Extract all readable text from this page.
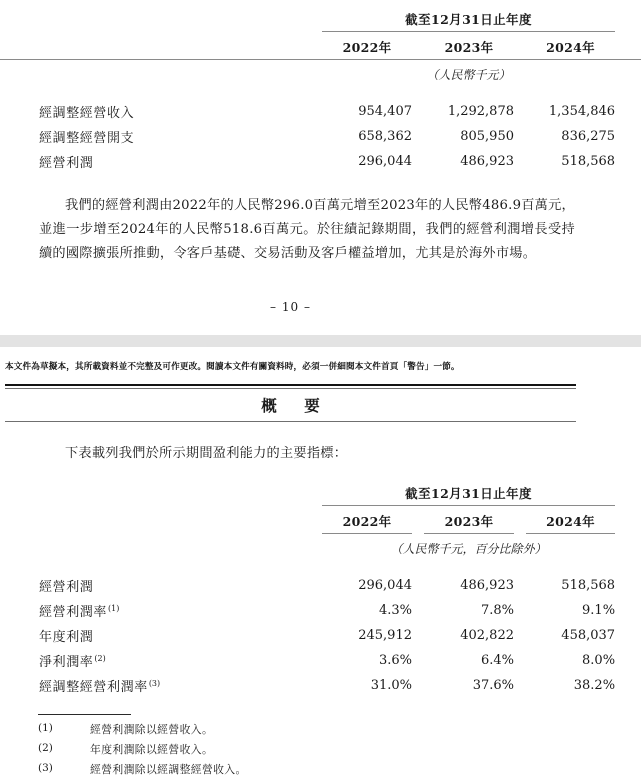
	截至12月31日止年度					
	2022年		2023年		2024年	
	（人民幣千元）					

經調整經營收入	954,407		1,292,878		1,354,846	
經調整經營開支	658,362		805,950		836,275	
經營利潤	296,044		486,923		518,568	

我們的經營利潤由2022年的人民幣296.0百萬元增至2023年的人民幣486.9百萬元，並進一步增至2024年的人民幣518.6百萬元。於往績記錄期間，我們的經營利潤增長受持續的國際擴張所推動，令客戶基礎、交易活動及客戶權益增加，尤其是於海外市場。

– 10 –
本文件為草擬本，其所載資料並不完整及可作更改。閱讀本文件有關資料時，必須一併細閱本文件首頁「警告」一節。
概 要

下表載列我們於所示期間盈利能力的主要指標：

	截至12月31日止年度					
	2022年		2023年		2024年	
	（人民幣千元，百分比除外）					

經營利潤	296,044		486,923		518,568	
經營利潤率$^{(1)}$	4.3%		7.8%		9.1%	
年度利潤	245,912		402,822		458,037	
淨利潤率$^{(2)}$	3.6%		6.4%		8.0%	
經調整經營利潤率$^{(3)}$	31.0%		37.6%		38.2%	
(1)	經營利潤除以經營收入。
(2)	年度利潤除以經營收入。
(3)	經營利潤除以經調整經營收入。
